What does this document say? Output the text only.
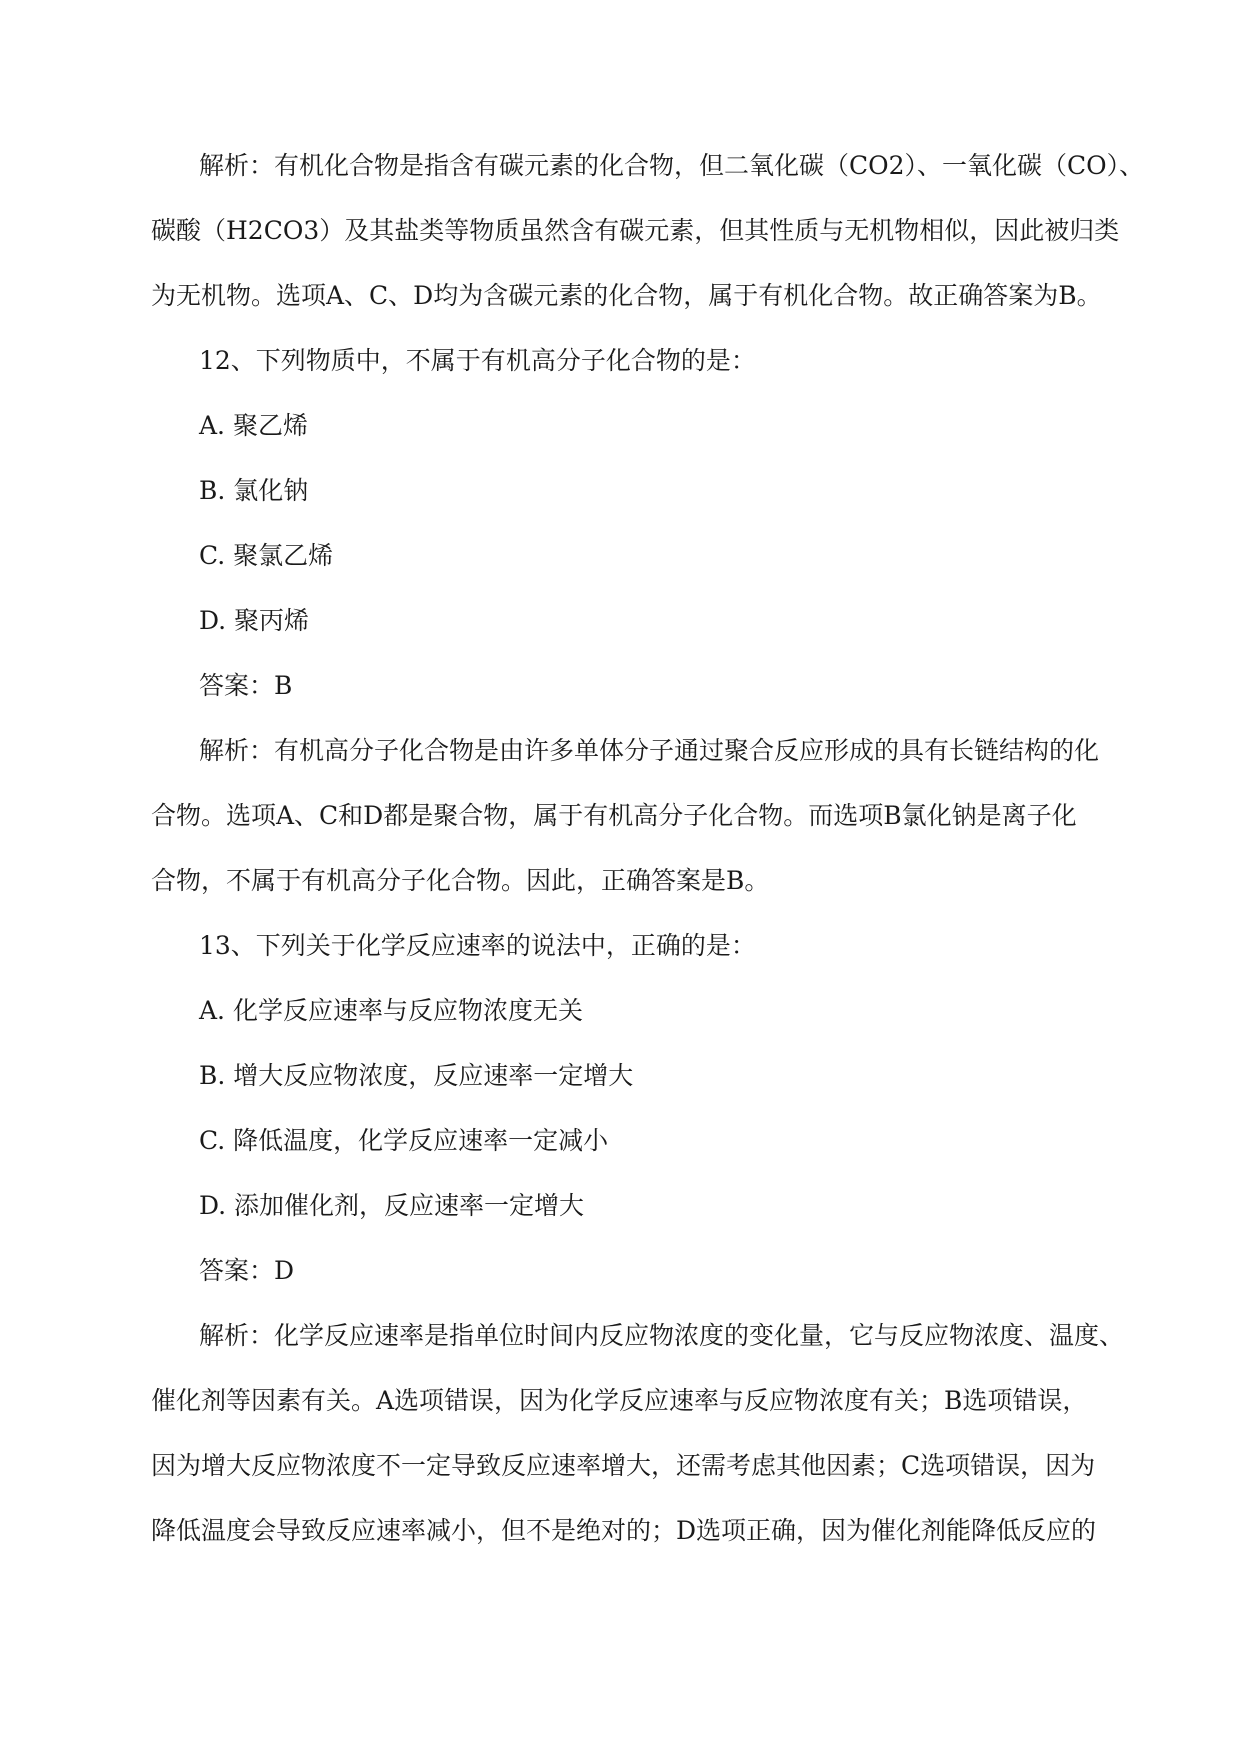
解析：有机化合物是指含有碳元素的化合物，但二氧化碳（CO2）、一氧化碳（CO）、
碳酸（H2CO3）及其盐类等物质虽然含有碳元素，但其性质与无机物相似，因此被归类
为无机物。选项A、C、D均为含碳元素的化合物，属于有机化合物。故正确答案为B。
12、下列物质中，不属于有机高分子化合物的是：
A. 聚乙烯
B. 氯化钠
C. 聚氯乙烯
D. 聚丙烯
答案：B
解析：有机高分子化合物是由许多单体分子通过聚合反应形成的具有长链结构的化
合物。选项A、C和D都是聚合物，属于有机高分子化合物。而选项B氯化钠是离子化
合物，不属于有机高分子化合物。因此，正确答案是B。
13、下列关于化学反应速率的说法中，正确的是：
A. 化学反应速率与反应物浓度无关
B. 增大反应物浓度，反应速率一定增大
C. 降低温度，化学反应速率一定减小
D. 添加催化剂，反应速率一定增大
答案：D
解析：化学反应速率是指单位时间内反应物浓度的变化量，它与反应物浓度、温度、
催化剂等因素有关。A选项错误，因为化学反应速率与反应物浓度有关；B选项错误，
因为增大反应物浓度不一定导致反应速率增大，还需考虑其他因素；C选项错误，因为
降低温度会导致反应速率减小，但不是绝对的；D选项正确，因为催化剂能降低反应的
